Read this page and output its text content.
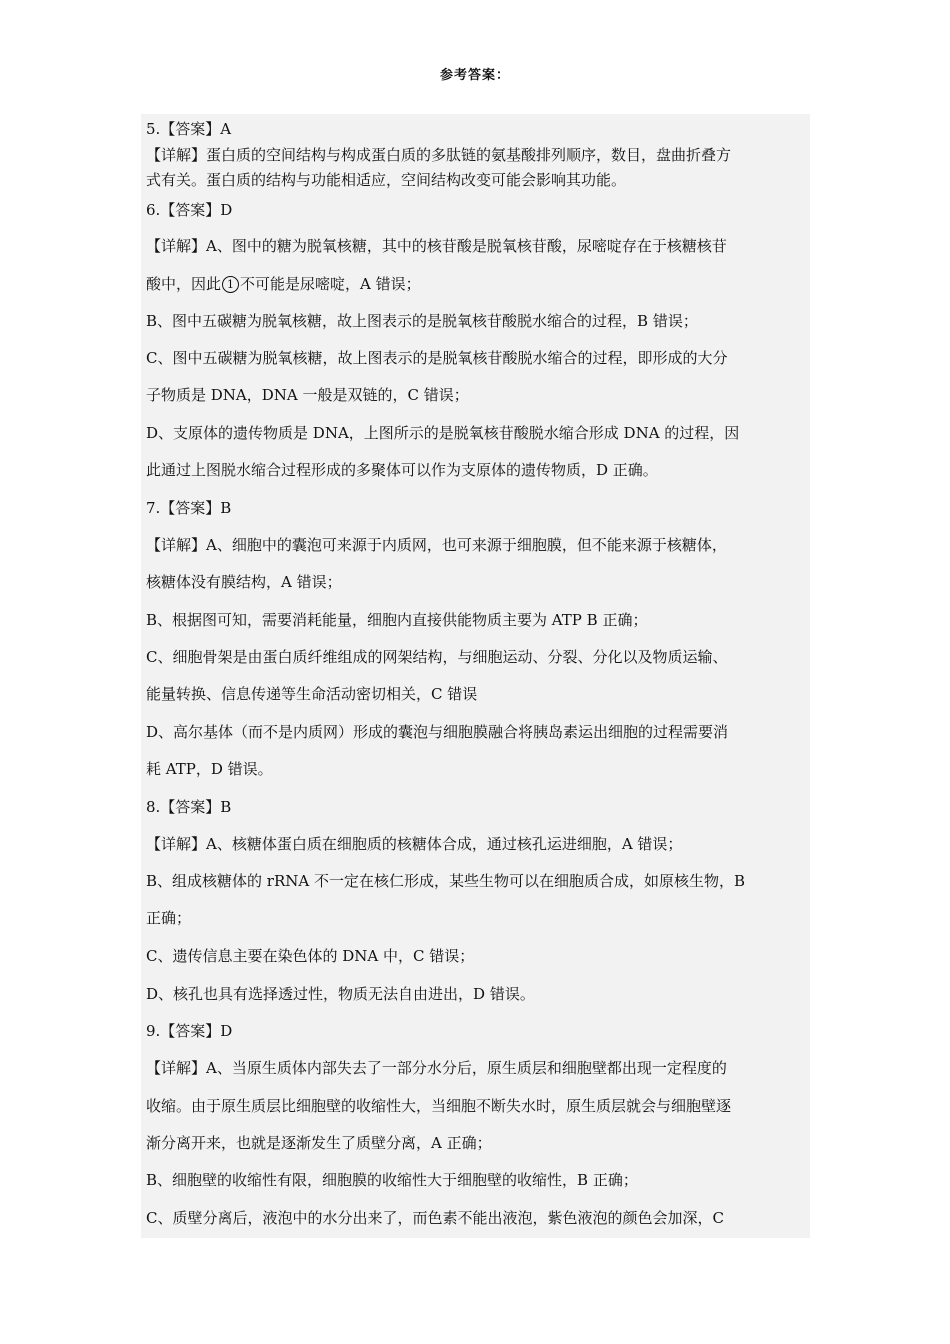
参考答案：
5.【答案】A
【详解】蛋白质的空间结构与构成蛋白质的多肽链的氨基酸排列顺序，数目，盘曲折叠方
式有关。蛋白质的结构与功能相适应，空间结构改变可能会影响其功能。
6.【答案】D
【详解】A、图中的糖为脱氧核糖，其中的核苷酸是脱氧核苷酸，尿嘧啶存在于核糖核苷
酸中，因此 1 不可能是尿嘧啶，A 错误；
B、图中五碳糖为脱氧核糖，故上图表示的是脱氧核苷酸脱水缩合的过程，B 错误；
C、图中五碳糖为脱氧核糖，故上图表示的是脱氧核苷酸脱水缩合的过程，即形成的大分
子物质是 DNA，DNA 一般是双链的，C 错误；
D、支原体的遗传物质是 DNA，上图所示的是脱氧核苷酸脱水缩合形成 DNA 的过程，因
此通过上图脱水缩合过程形成的多聚体可以作为支原体的遗传物质，D 正确。
7.【答案】B
【详解】A、细胞中的囊泡可来源于内质网，也可来源于细胞膜，但不能来源于核糖体，
核糖体没有膜结构，A 错误；
B、根据图可知，需要消耗能量，细胞内直接供能物质主要为 ATP B 正确；
C、细胞骨架是由蛋白质纤维组成的网架结构，与细胞运动、分裂、分化以及物质运输、
能量转换、信息传递等生命活动密切相关，C 错误
D、高尔基体（而不是内质网）形成的囊泡与细胞膜融合将胰岛素运出细胞的过程需要消
耗 ATP，D 错误。
8.【答案】B
【详解】A、核糖体蛋白质在细胞质的核糖体合成，通过核孔运进细胞，A 错误；
B、组成核糖体的 rRNA 不一定在核仁形成，某些生物可以在细胞质合成，如原核生物，B
正确；
C、遗传信息主要在染色体的 DNA 中，C 错误；
D、核孔也具有选择透过性，物质无法自由进出，D 错误。
9.【答案】D
【详解】A、当原生质体内部失去了一部分水分后，原生质层和细胞壁都出现一定程度的
收缩。由于原生质层比细胞壁的收缩性大，当细胞不断失水时，原生质层就会与细胞壁逐
渐分离开来，也就是逐渐发生了质壁分离，A 正确；
B、细胞壁的收缩性有限，细胞膜的收缩性大于细胞壁的收缩性，B 正确；
C、质壁分离后，液泡中的水分出来了，而色素不能出液泡，紫色液泡的颜色会加深，C
